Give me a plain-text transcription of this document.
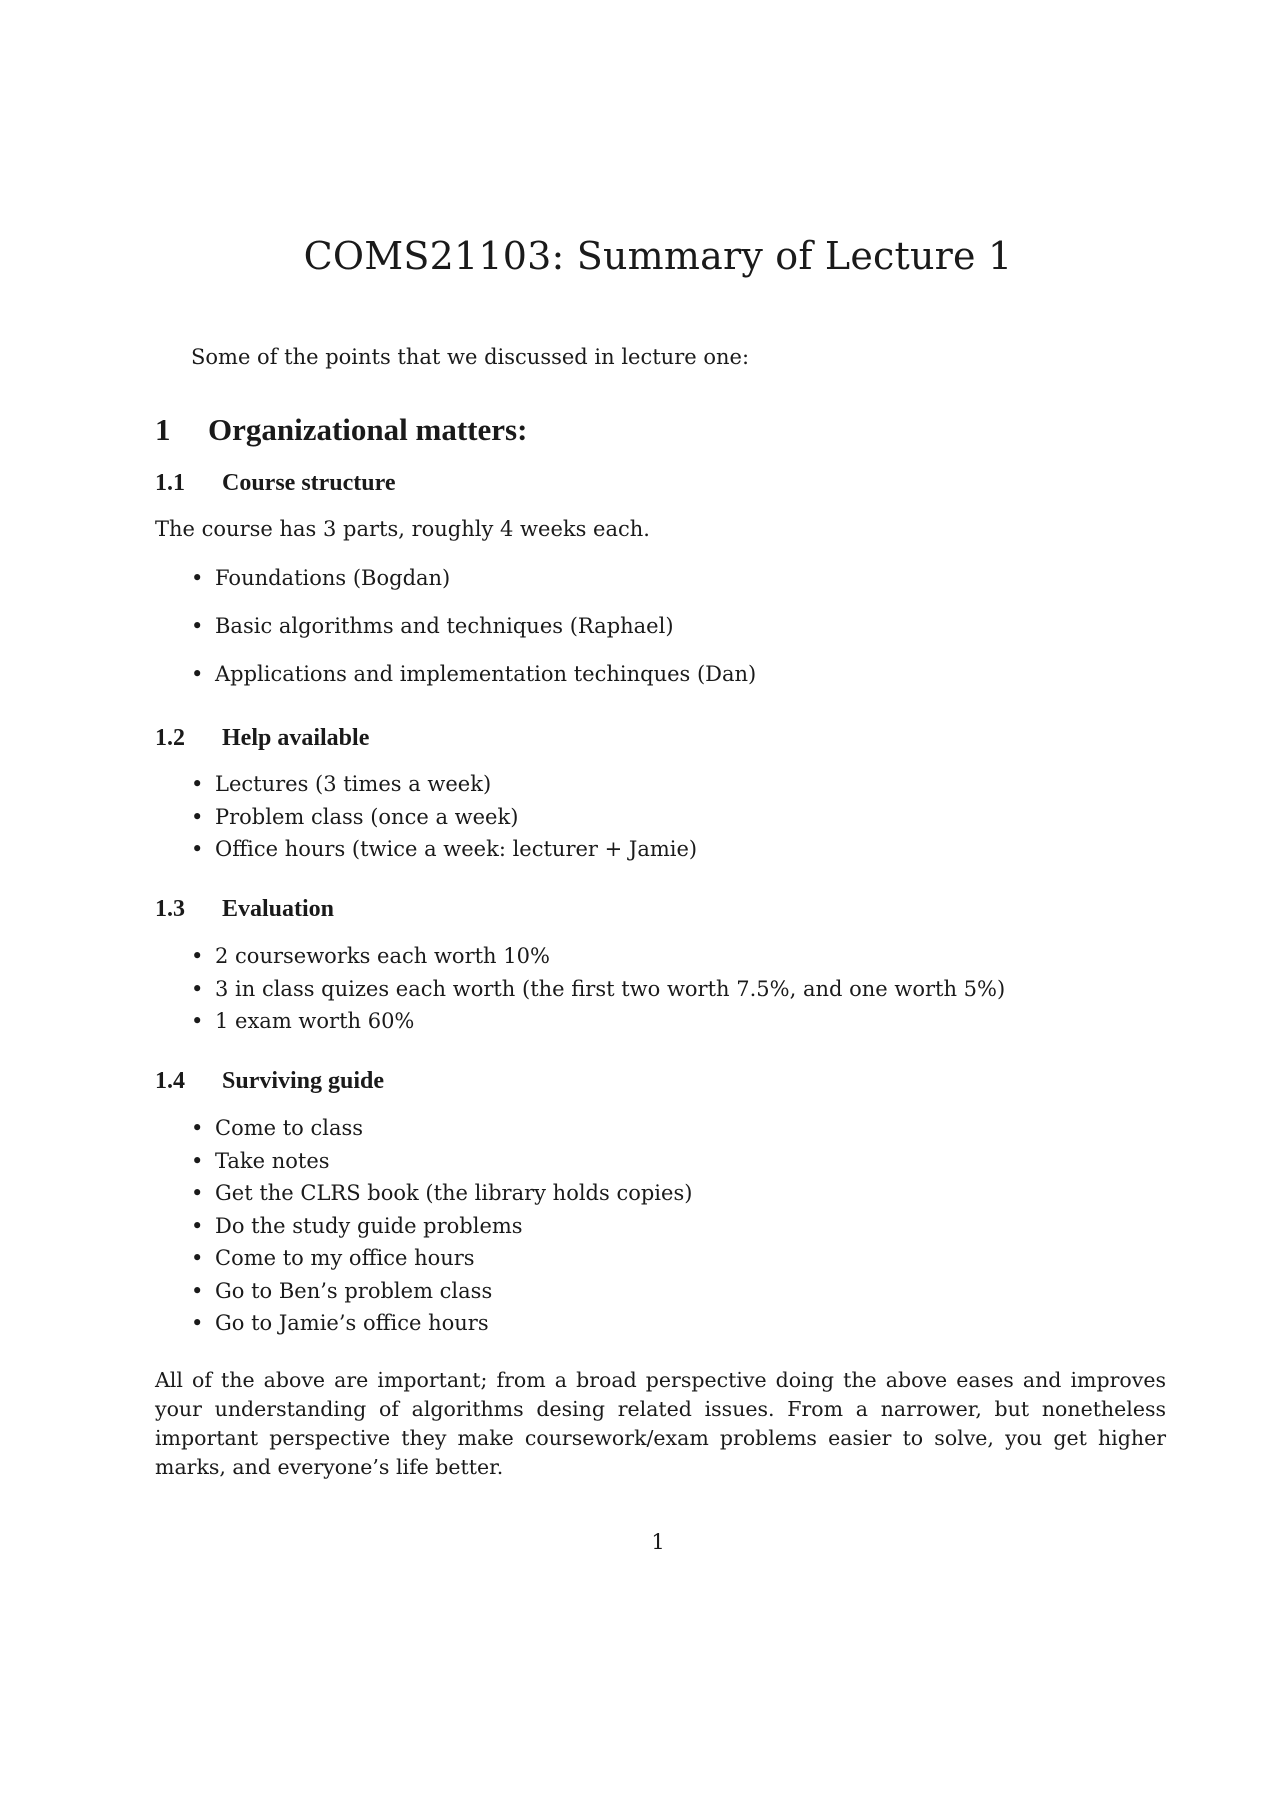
COMS21103: Summary of Lecture 1

Some of the points that we discussed in lecture one:

1 Organizational matters:
1.1 Course structure

The course has 3 parts, roughly 4 weeks each.

• Foundations (Bogdan)
• Basic algorithms and techniques (Raphael)
• Applications and implementation techinques (Dan)
1.2 Help available
• Lectures (3 times a week)
• Problem class (once a week)
• Office hours (twice a week: lecturer + Jamie)
1.3 Evaluation
• 2 courseworks each worth 10%
• 3 in class quizes each worth (the first two worth 7.5%, and one worth 5%)
• 1 exam worth 60%
1.4 Surviving guide
• Come to class
• Take notes
• Get the CLRS book (the library holds copies)
• Do the study guide problems
• Come to my office hours
• Go to Ben’s problem class
• Go to Jamie’s office hours

All of the above are important; from a broad perspective doing the above eases and improves your understanding of algorithms desing related issues. From a narrower, but nonetheless important perspective they make coursework/exam problems easier to solve, you get higher marks, and everyone’s life better.

1
